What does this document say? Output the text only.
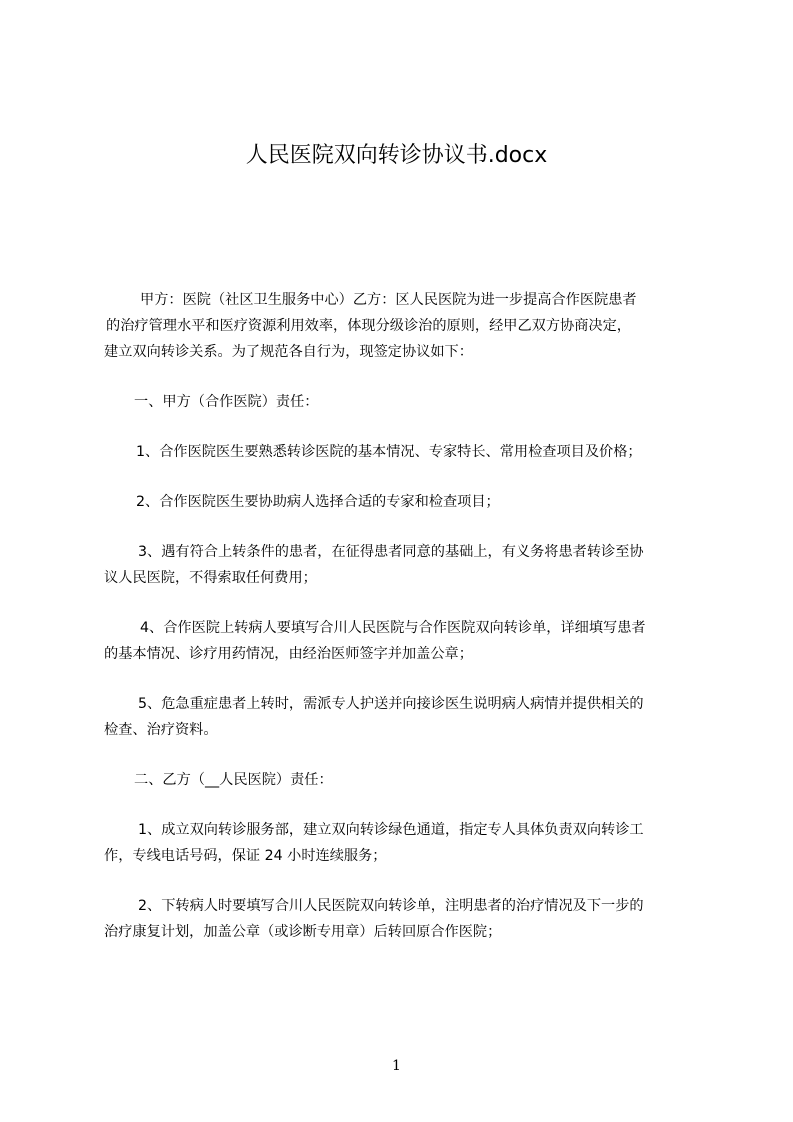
人民医院双向转诊协议书.docx

甲方：医院（社区卫生服务中心）乙方：区人民医院为进一步提高合作医院患者
的治疗管理水平和医疗资源利用效率，体现分级诊治的原则，经甲乙双方协商决定，
建立双向转诊关系。为了规范各自行为，现签定协议如下：

一、甲方（合作医院）责任：

1、合作医院医生要熟悉转诊医院的基本情况、专家特长、常用检查项目及价格；

2、合作医院医生要协助病人选择合适的专家和检查项目；

3、遇有符合上转条件的患者，在征得患者同意的基础上，有义务将患者转诊至协
议人民医院，不得索取任何费用；

4、合作医院上转病人要填写合川人民医院与合作医院双向转诊单，详细填写患者
的基本情况、诊疗用药情况，由经治医师签字并加盖公章；

5、危急重症患者上转时，需派专人护送并向接诊医生说明病人病情并提供相关的
检查、治疗资料。

二、乙方（__人民医院）责任：

1、成立双向转诊服务部，建立双向转诊绿色通道，指定专人具体负责双向转诊工
作，专线电话号码，保证 24 小时连续服务；

2、下转病人时要填写合川人民医院双向转诊单，注明患者的治疗情况及下一步的
治疗康复计划，加盖公章（或诊断专用章）后转回原合作医院；

1
